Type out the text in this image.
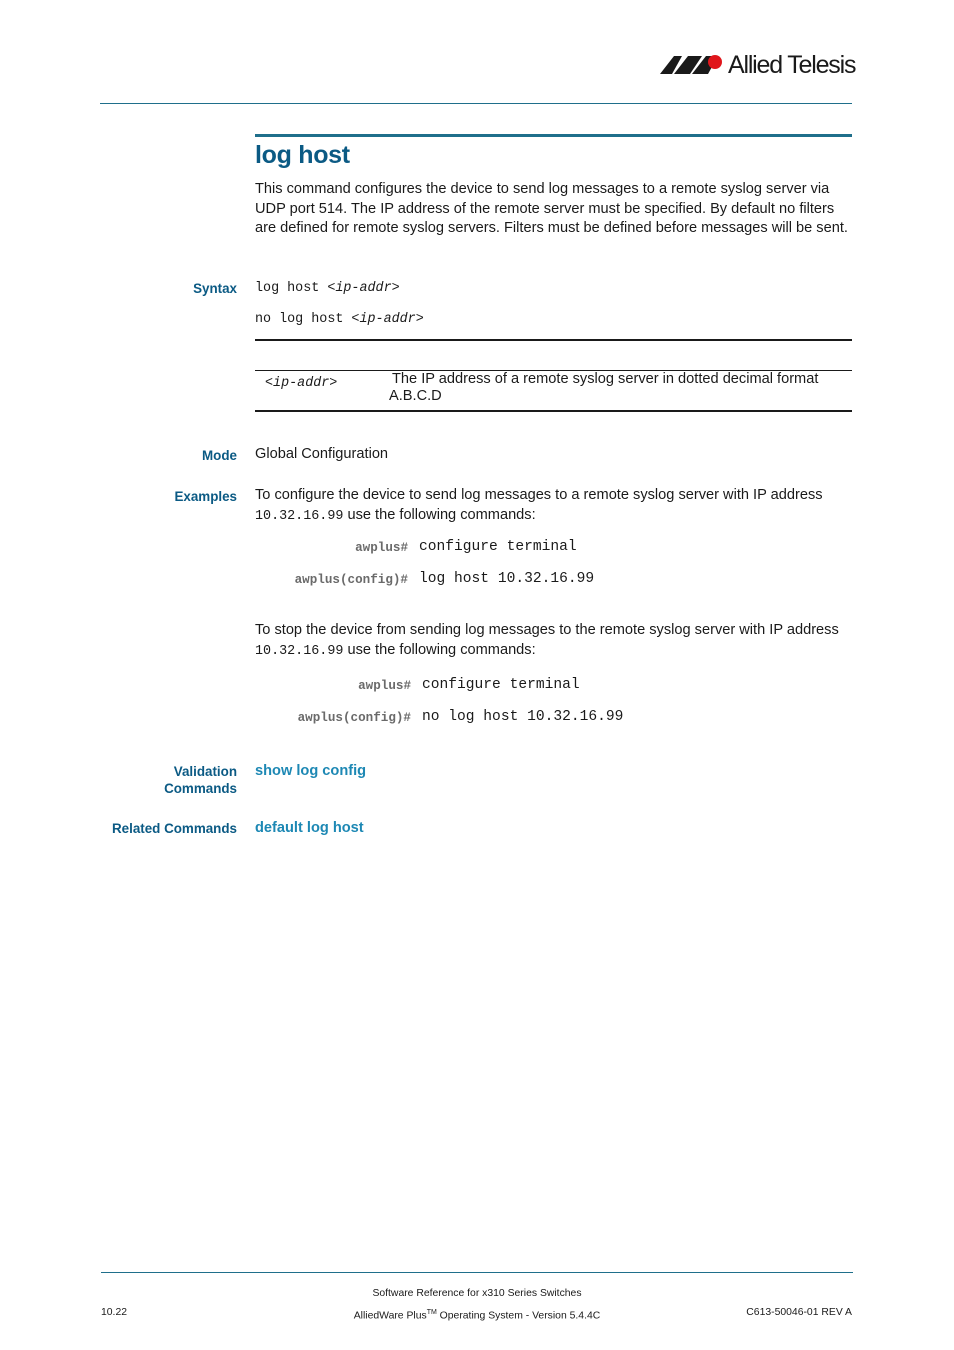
Allied Telesis
log host
This command configures the device to send log messages to a remote syslog server via UDP port 514. The IP address of the remote server must be specified. By default no filters are defined for remote syslog servers. Filters must be defined before messages will be sent.
Syntax log host <ip-addr>
no log host <ip-addr>
<ip-addr>	The IP address of a remote syslog server in dotted decimal format
A.B.C.D
Mode Global Configuration
Examples To configure the device to send log messages to a remote syslog server with IP address
10.32.16.99 use the following commands:
awplus# configure terminal
awplus(config)# log host 10.32.16.99
To stop the device from sending log messages to the remote syslog server with IP address
10.32.16.99 use the following commands:
awplus# configure terminal
awplus(config)# no log host 10.32.16.99
Validation
Commands
show log config
Related Commands default log host
Software Reference for x310 Series Switches
AlliedWare Plus™ Operating System - Version 5.4.4C
10.22	C613-50046-01 REV A
